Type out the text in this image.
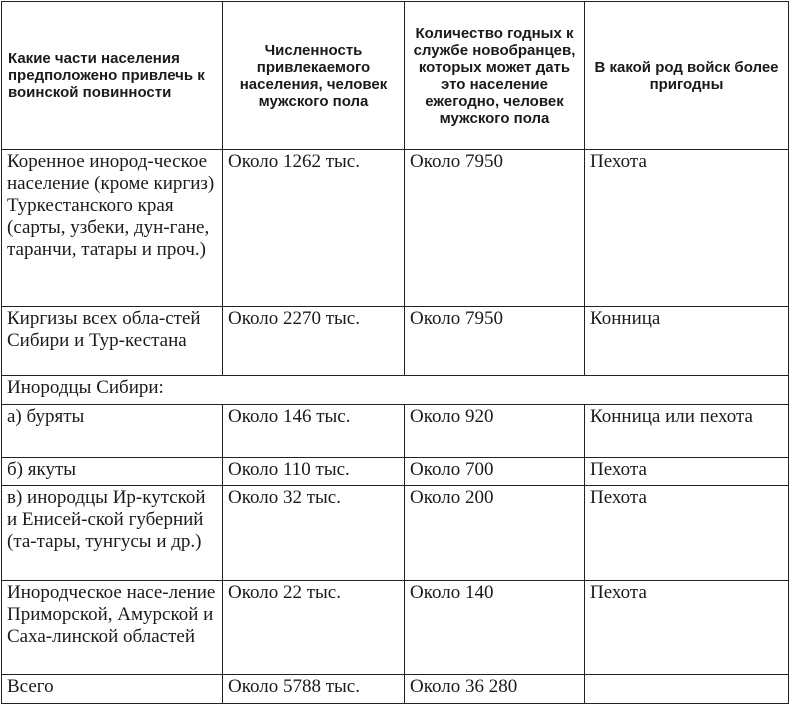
Какие части населения предположено привлечь к воинской повинности	Численность привлекаемого населения, человек мужского пола	Количество годных к службе новобранцев, которых может дать это население ежегодно, человек мужского пола	В какой род войск более пригодны
Коренное инород-ческое население (кроме киргиз) Туркестанского края (сарты, узбеки, дун-гане, таранчи, татары и проч.)	Около 1262 тыс.	Около 7950	Пехота
Киргизы всех обла-стей Сибири и Тур-кестана	Около 2270 тыс.	Около 7950	Конница
Инородцы Сибири:			
а) буряты	Около 146 тыс.	Около 920	Конница или пехота
б) якуты	Около 110 тыс.	Около 700	Пехота
в) инородцы Ир-кутской и Енисей-ской губерний (та-тары, тунгусы и др.)	Около 32 тыс.	Около 200	Пехота
Инородческое насе-ление Приморской, Амурской и Саха-линской областей	Около 22 тыс.	Около 140	Пехота
Всего	Около 5788 тыс.	Около 36 280	
